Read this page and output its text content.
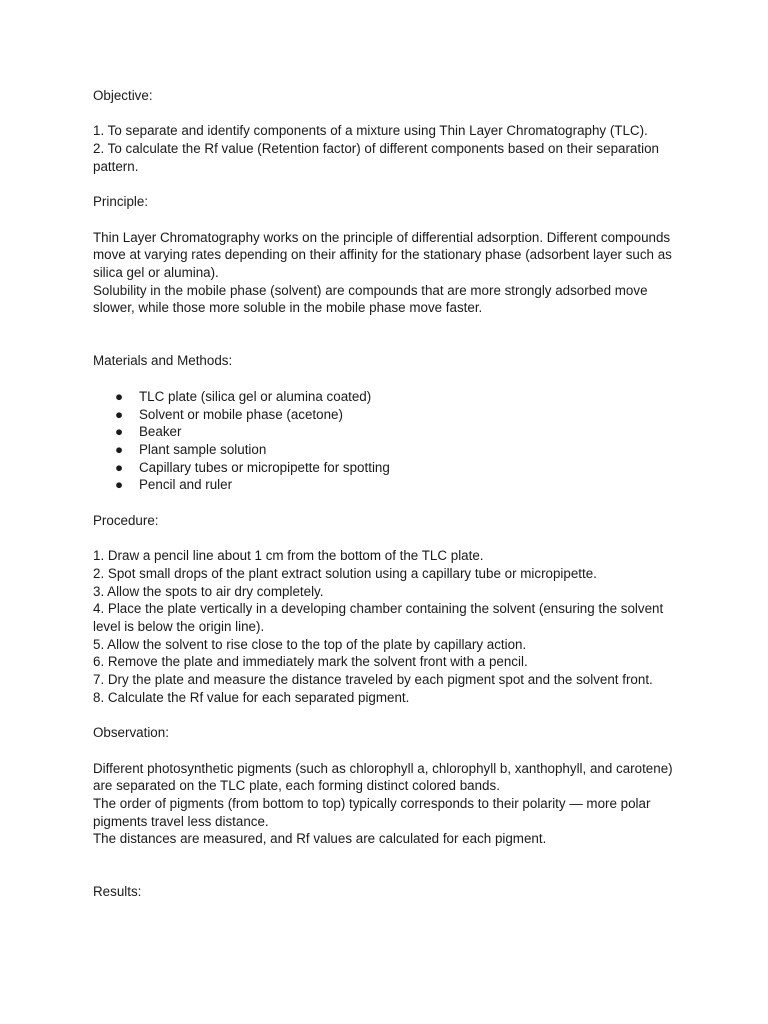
Objective:

1. To separate and identify components of a mixture using Thin Layer Chromatography (TLC).

2. To calculate the Rf value (Retention factor) of different components based on their separation pattern.

Principle:

Thin Layer Chromatography works on the principle of differential adsorption. Different compounds move at varying rates depending on their affinity for the stationary phase (adsorbent layer such as silica gel or alumina).

Solubility in the mobile phase (solvent) are compounds that are more strongly adsorbed move slower, while those more soluble in the mobile phase move faster.

Materials and Methods:

● TLC plate (silica gel or alumina coated)
● Solvent or mobile phase (acetone)
● Beaker
● Plant sample solution
● Capillary tubes or micropipette for spotting
● Pencil and ruler

Procedure:

1. Draw a pencil line about 1 cm from the bottom of the TLC plate.

2. Spot small drops of the plant extract solution using a capillary tube or micropipette.

3. Allow the spots to air dry completely.

4. Place the plate vertically in a developing chamber containing the solvent (ensuring the solvent level is below the origin line).

5. Allow the solvent to rise close to the top of the plate by capillary action.

6. Remove the plate and immediately mark the solvent front with a pencil.

7. Dry the plate and measure the distance traveled by each pigment spot and the solvent front.

8. Calculate the Rf value for each separated pigment.

Observation:

Different photosynthetic pigments (such as chlorophyll a, chlorophyll b, xanthophyll, and carotene) are separated on the TLC plate, each forming distinct colored bands.

The order of pigments (from bottom to top) typically corresponds to their polarity — more polar pigments travel less distance.

The distances are measured, and Rf values are calculated for each pigment.

Results:
